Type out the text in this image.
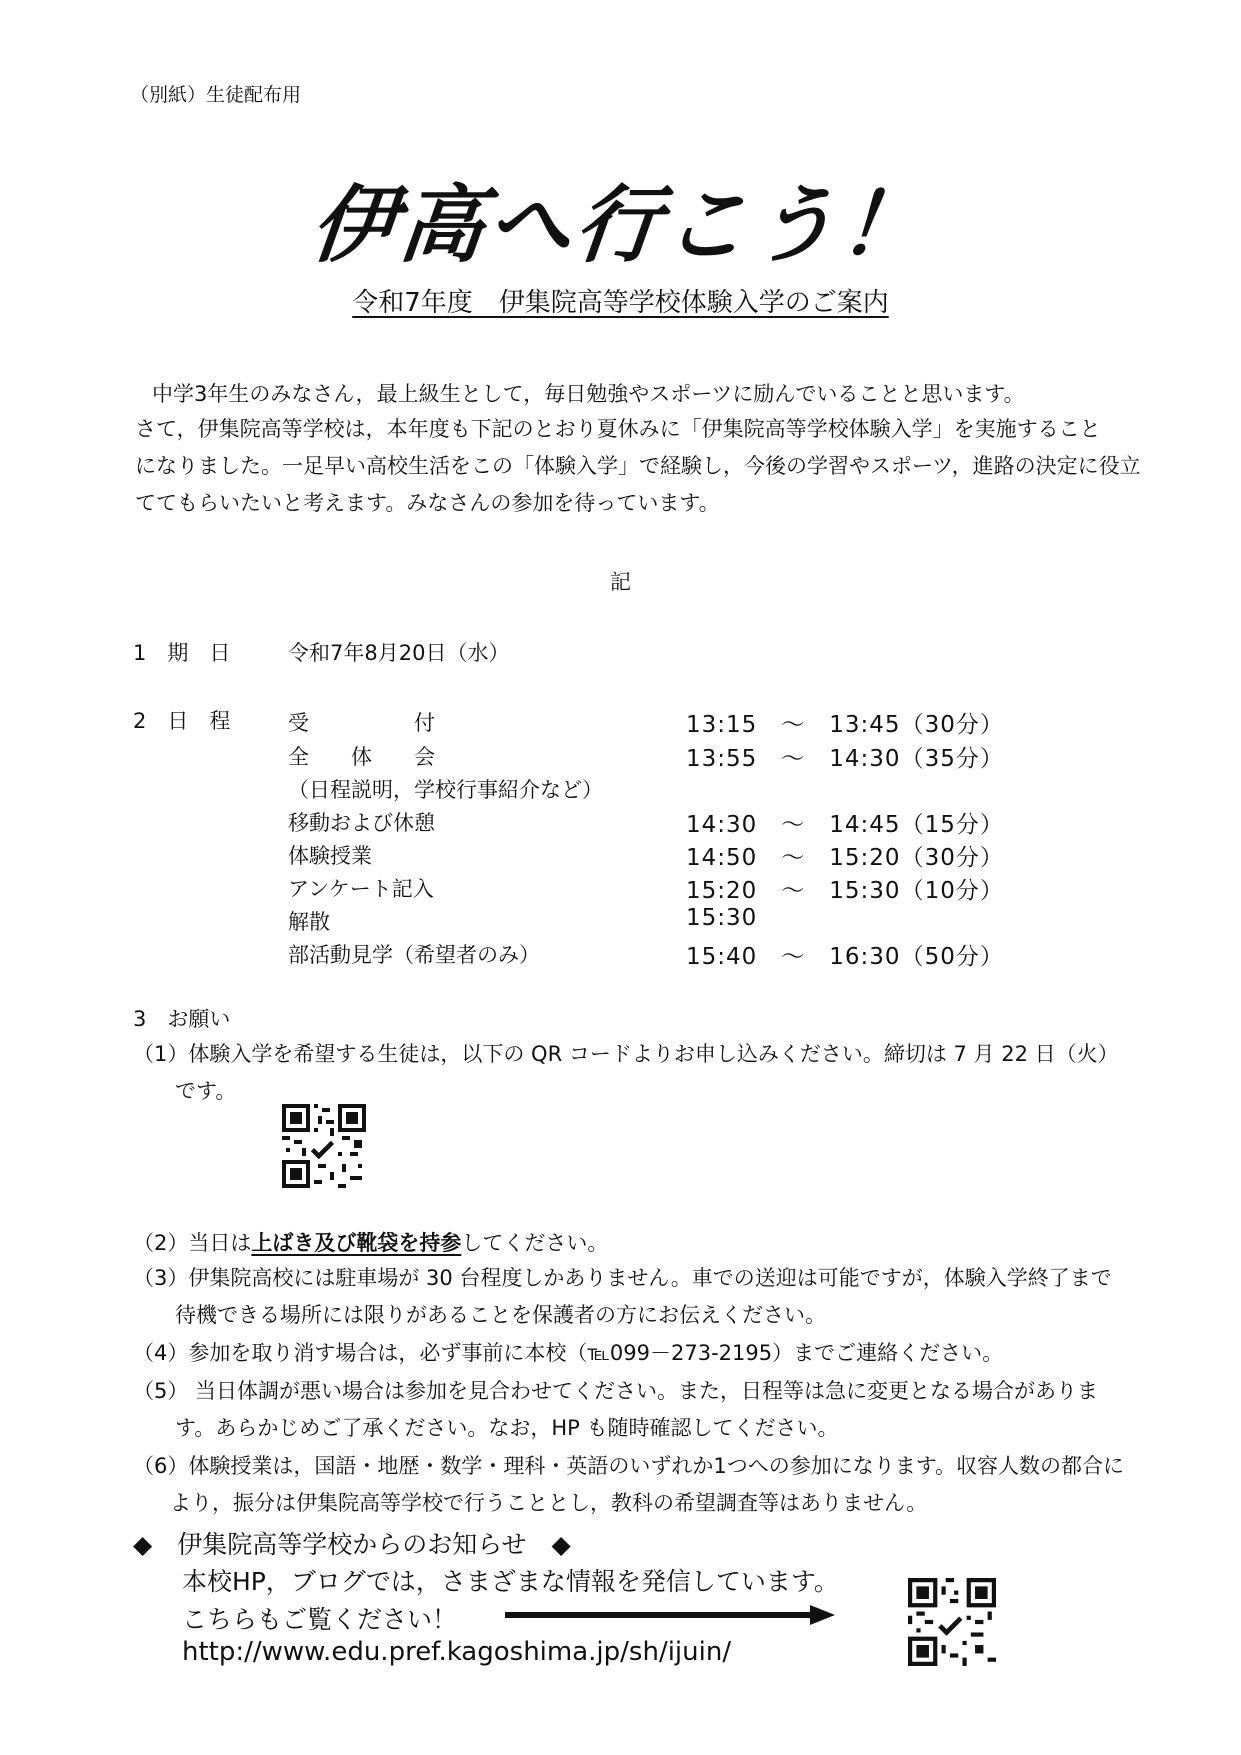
（別紙）生徒配布用
伊高へ行こう！
令和7年度　伊集院高等学校体験入学のご案内
中学3年生のみなさん，最上級生として，毎日勉強やスポーツに励んでいることと思います。
さて，伊集院高等学校は，本年度も下記のとおり夏休みに「伊集院高等学校体験入学」を実施すること
になりました。一足早い高校生活をこの「体験入学」で経験し，今後の学習やスポーツ，進路の決定に役立
ててもらいたいと考えます。みなさんの参加を待っています。
記
1　期　日	令和7年8月20日（水）
2　日　程	受　　　　　付	13:15　～　13:45（30分）
全　　体　　会	13:55　～　14:30（35分）
（日程説明，学校行事紹介など）
移動および休憩	14:30　～　14:45（15分）
体験授業	14:50　～　15:20（30分）
アンケート記入	15:20　～　15:30（10分）
解散	15:30
部活動見学（希望者のみ）	15:40　～　16:30（50分）
3　お願い
（1）体験入学を希望する生徒は，以下の QR コードよりお申し込みください。締切は 7 月 22 日（火）
です。
（2）当日は上ばき及び靴袋を持参してください。
（3）伊集院高校には駐車場が 30 台程度しかありません。車での送迎は可能ですが，体験入学終了まで
待機できる場所には限りがあることを保護者の方にお伝えください。
（4）参加を取り消す場合は，必ず事前に本校（℡099－273-2195）までご連絡ください。
（5） 当日体調が悪い場合は参加を見合わせてください。また，日程等は急に変更となる場合がありま
す。あらかじめご了承ください。なお，HP も随時確認してください。
（6）体験授業は，国語・地歴・数学・理科・英語のいずれか1つへの参加になります。収容人数の都合に
より，振分は伊集院高等学校で行うこととし，教科の希望調査等はありません。
◆　伊集院高等学校からのお知らせ　◆
本校HP，ブログでは，さまざまな情報を発信しています。
こちらもご覧ください！
http://www.edu.pref.kagoshima.jp/sh/ijuin/
